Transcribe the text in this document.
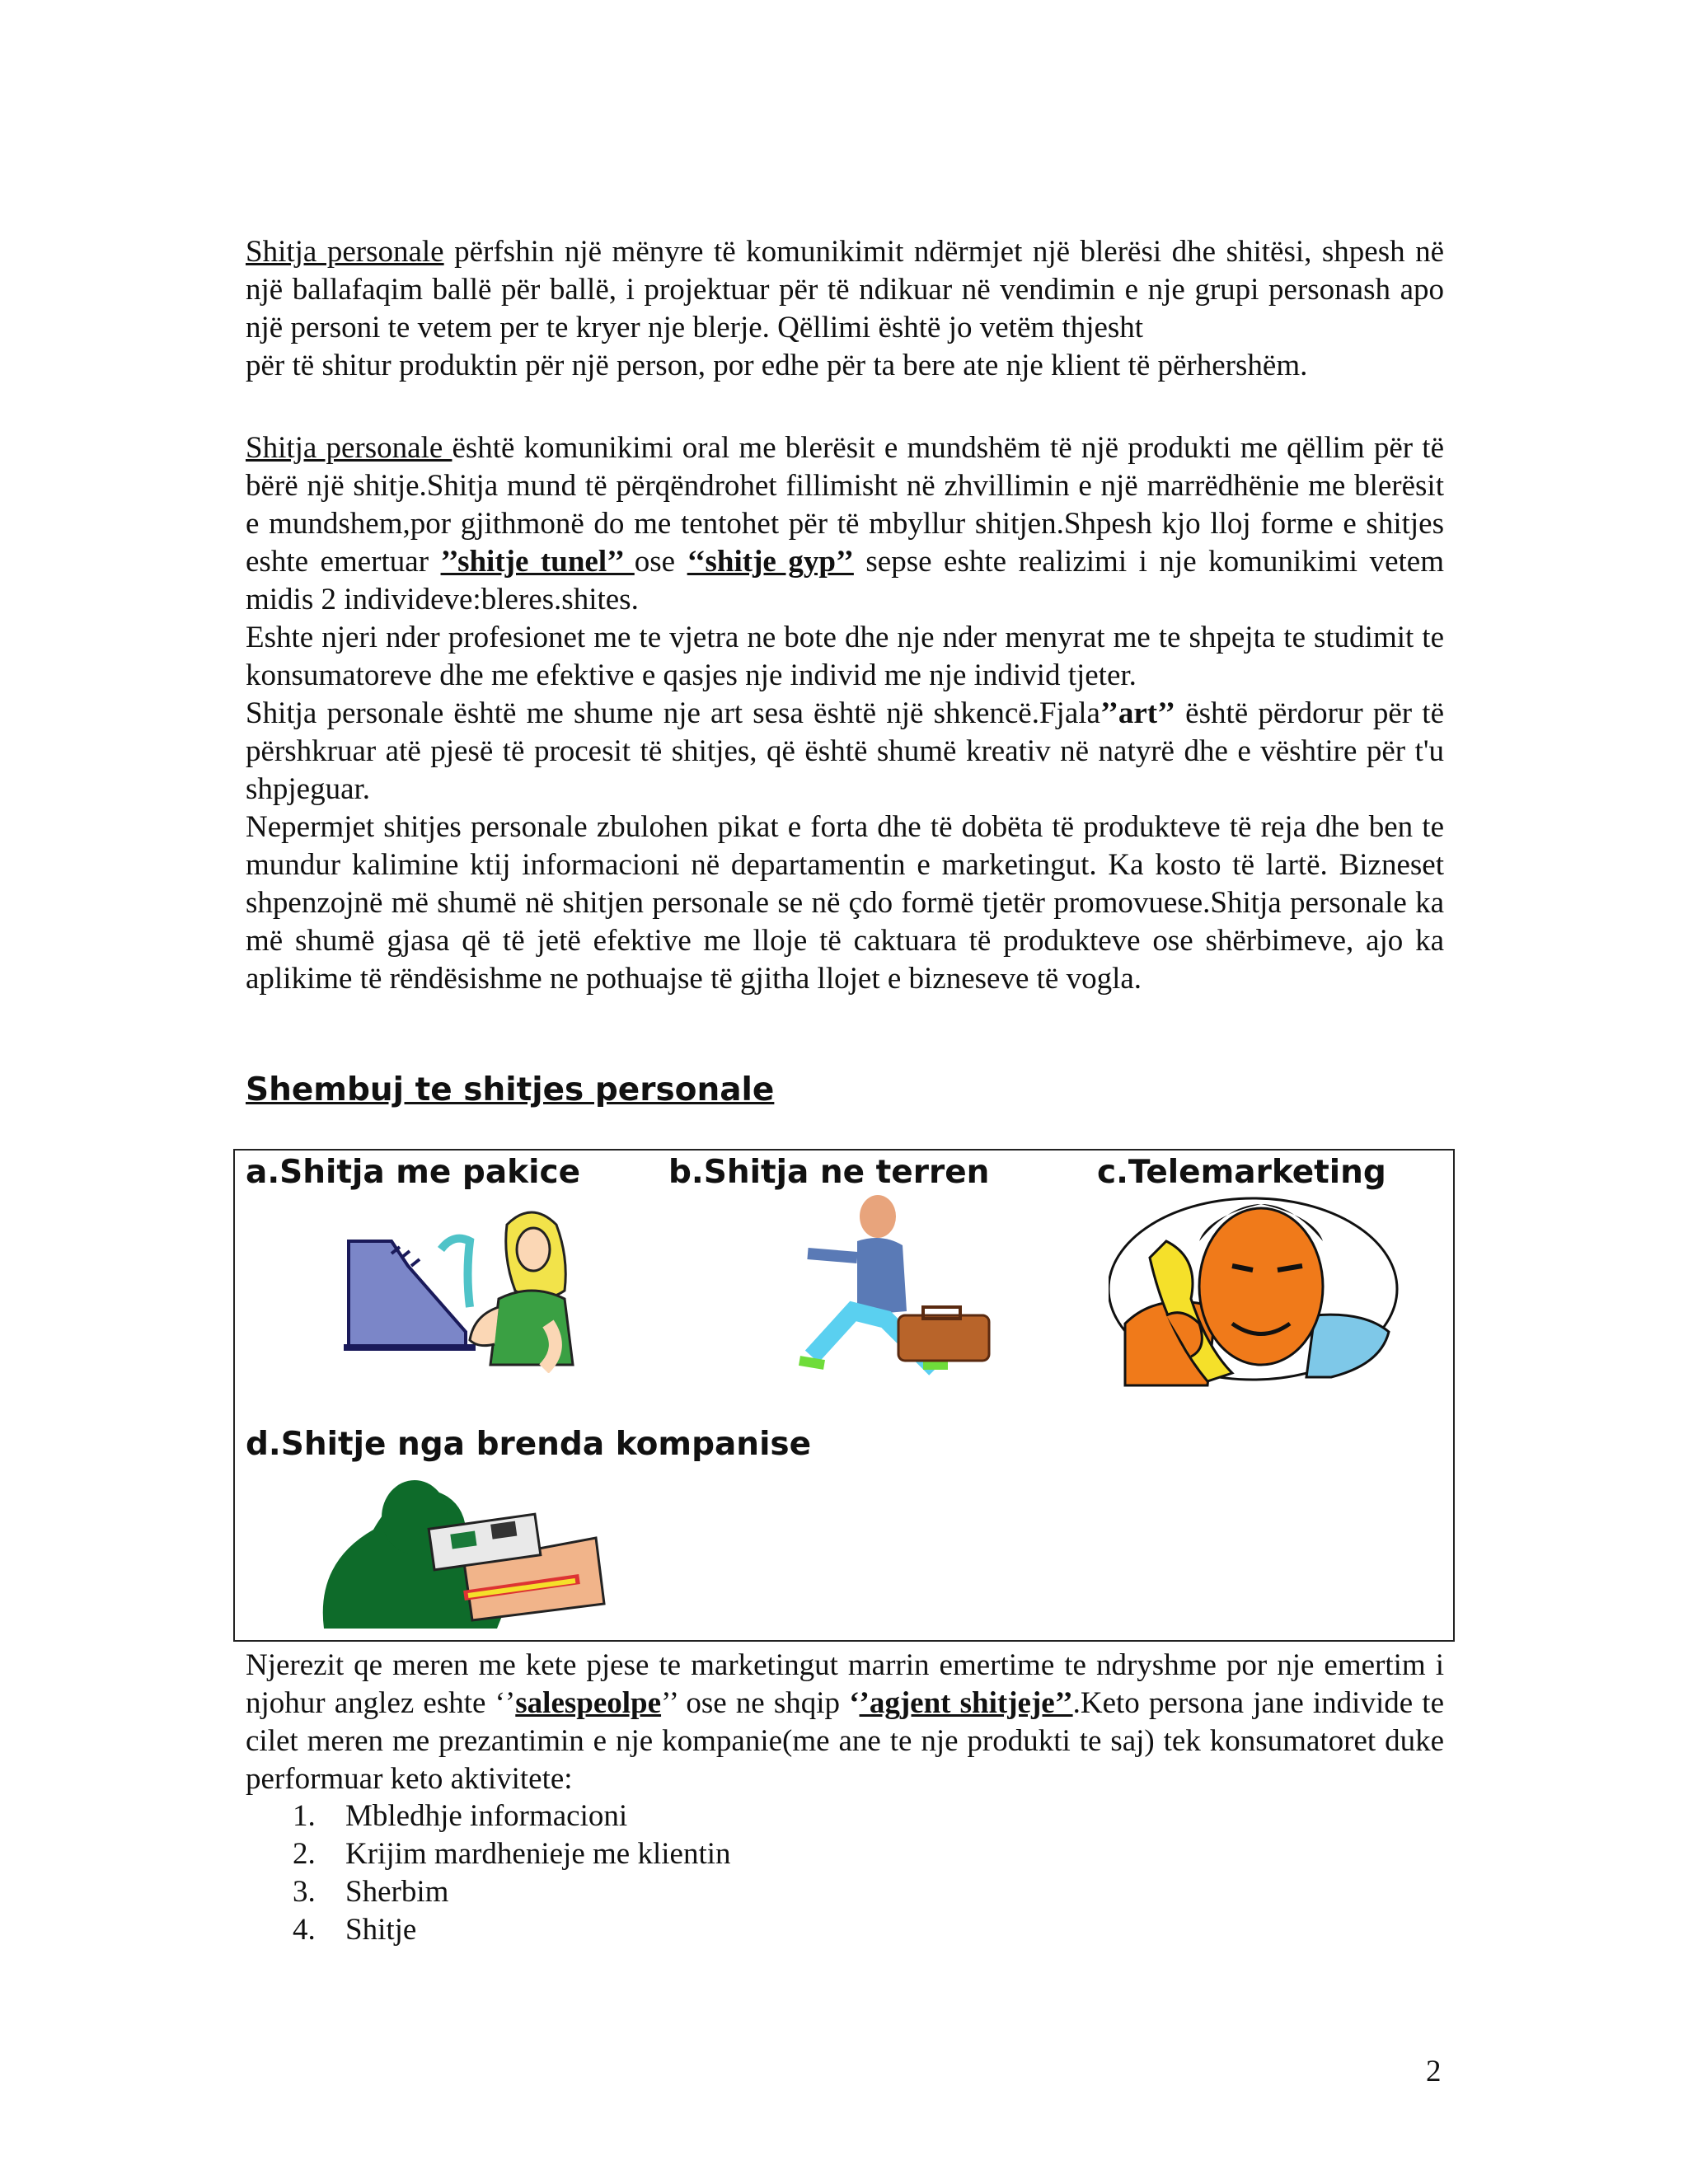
Shitja personale përfshin një mënyre të komunikimit ndërmjet një blerësi dhe shitësi, shpesh në një ballafaqim ballë për ballë, i projektuar për të ndikuar në vendimin e nje grupi personash apo një personi te vetem per te kryer nje blerje. Qëllimi është jo vetëm thjesht

për të shitur produktin për një person, por edhe për ta bere ate nje klient të përhershëm.

Shitja personale është komunikimi oral me blerësit e mundshëm të një produkti me qëllim për të bërë një shitje.Shitja mund të përqëndrohet fillimisht në zhvillimin e një marrëdhënie me blerësit e mundshem,por gjithmonë do me tentohet për të mbyllur shitjen.Shpesh kjo lloj forme e shitjes eshte emertuar ’’shitje tunel’’ ose ‘‘shitje gyp’’ sepse eshte realizimi i nje komunikimi vetem midis 2 individeve:bleres.shites.

Eshte njeri nder profesionet me te vjetra ne bote dhe nje nder menyrat me te shpejta te studimit te konsumatoreve dhe me efektive e qasjes nje individ me nje individ tjeter.

Shitja personale është me shume nje art sesa është një shkencë.Fjala’’art’’ është përdorur për të përshkruar atë pjesë të procesit të shitjes, që është shumë kreativ në natyrë dhe e vështire për t'u shpjeguar.

Nepermjet shitjes personale zbulohen pikat e forta dhe të dobëta të produkteve të reja dhe ben te mundur kalimine ktij informacioni në departamentin e marketingut. Ka kosto të lartë. Bizneset shpenzojnë më shumë në shitjen personale se në çdo formë tjetër promovuese.Shitja personale ka më shumë gjasa që të jetë efektive me lloje të caktuara të produkteve ose shërbimeve, ajo ka aplikime të rëndësishme ne pothuajse të gjitha llojet e bizneseve të vogla.

Shembuj te shitjes personale
a.Shitja me pakice	b.Shitja ne terren	c.Telemarketing
d.Shitje nga brenda kompanise

Njerezit qe meren me kete pjese te marketingut marrin emertime te ndryshme por nje emertim i njohur anglez eshte ‘’salespeolpe’’ ose ne shqip ‘’agjent shitjeje’’.Keto persona jane individe te cilet meren me prezantimin e nje kompanie(me ane te nje produkti te saj) tek konsumatoret duke performuar keto aktivitete:

1. Mbledhje informacioni
2. Krijim mardhenieje me klientin
3. Sherbim
4. Shitje
2
